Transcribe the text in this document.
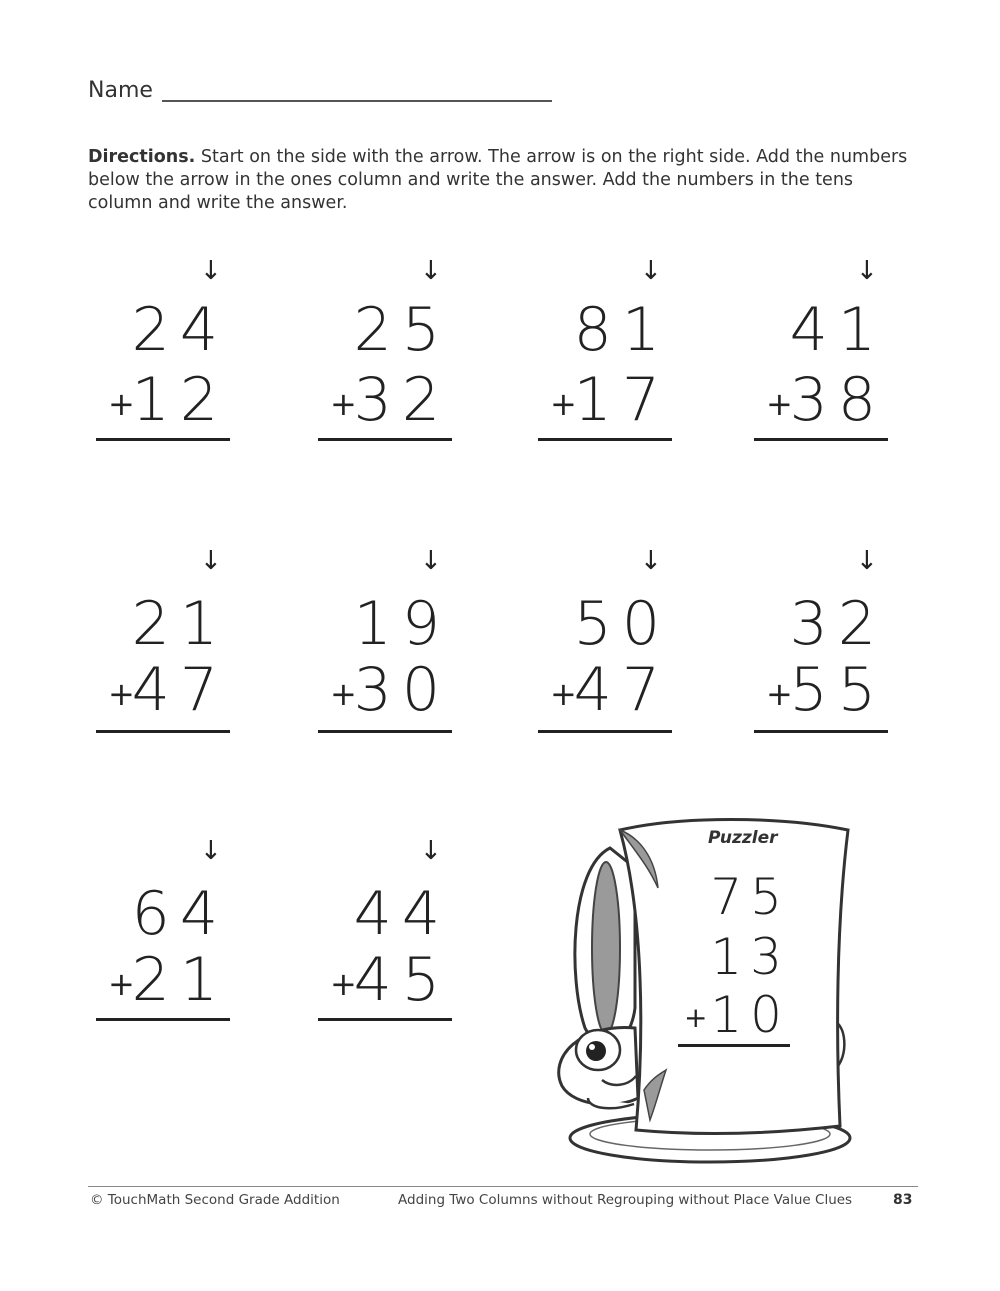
Name
Directions. Start on the side with the arrow. The arrow is on the right side. Add the numbers below the arrow in the ones column and write the answer. Add the numbers in the tens column and write the answer.
↓
24
+
12
↓
25
+
32
↓
81
+
17
↓
41
+
38
↓
21
+
47
↓
19
+
30
↓
50
+
47
↓
32
+
55
↓
64
+
21
↓
44
+
45
Puzzler
75
13
+ 10
© TouchMath Second Grade Addition	Adding Two Columns without Regrouping without Place Value Clues	83
